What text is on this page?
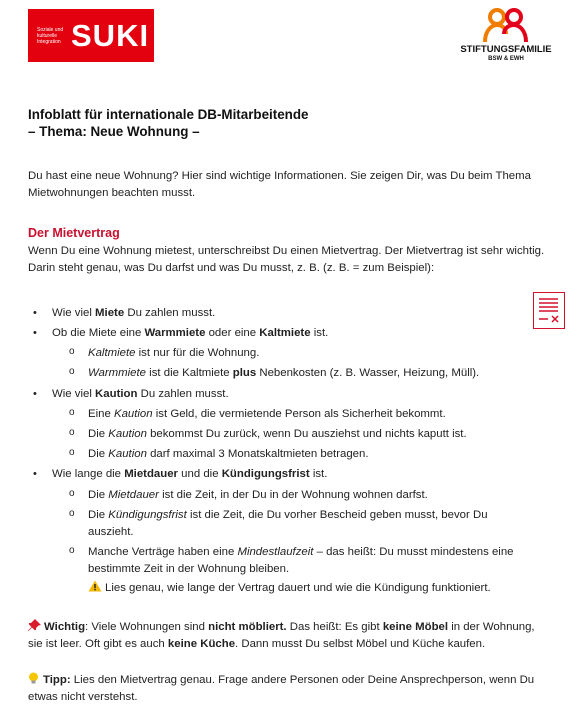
Soziale und
kulturelle
Integration SUKI	STIFTUNGSFAMILIE
BSW & EWH
Infoblatt für internationale DB-Mitarbeitende
– Thema: Neue Wohnung –
Du hast eine neue Wohnung? Hier sind wichtige Informationen. Sie zeigen Dir, was Du beim Thema Mietwohnungen beachten musst.
Der Mietvertrag
Wenn Du eine Wohnung mietest, unterschreibst Du einen Mietvertrag. Der Mietvertrag ist sehr wichtig. Darin steht genau, was Du darfst und was Du musst, z. B. (z. B. = zum Beispiel):
• Wie viel Miete Du zahlen musst.
• Ob die Miete eine Warmmiete oder eine Kaltmiete ist.
o Kaltmiete ist nur für die Wohnung.
o Warmmiete ist die Kaltmiete plus Nebenkosten (z. B. Wasser, Heizung, Müll).
• Wie viel Kaution Du zahlen musst.
o Eine Kaution ist Geld, die vermietende Person als Sicherheit bekommt.
o Die Kaution bekommst Du zurück, wenn Du ausziehst und nichts kaputt ist.
o Die Kaution darf maximal 3 Monatskaltmieten betragen.
• Wie lange die Mietdauer und die Kündigungsfrist ist.
o Die Mietdauer ist die Zeit, in der Du in der Wohnung wohnen darfst.
o Die Kündigungsfrist ist die Zeit, die Du vorher Bescheid geben musst, bevor Du auszieht.
o Manche Verträge haben eine Mindestlaufzeit – das heißt: Du musst mindestens eine bestimmte Zeit in der Wohnung bleiben.
Lies genau, wie lange der Vertrag dauert und wie die Kündigung funktioniert.
Wichtig: Viele Wohnungen sind nicht möbliert. Das heißt: Es gibt keine Möbel in der Wohnung, sie ist leer. Oft gibt es auch keine Küche. Dann musst Du selbst Möbel und Küche kaufen.
Tipp: Lies den Mietvertrag genau. Frage andere Personen oder Deine Ansprechperson, wenn Du etwas nicht verstehst.
